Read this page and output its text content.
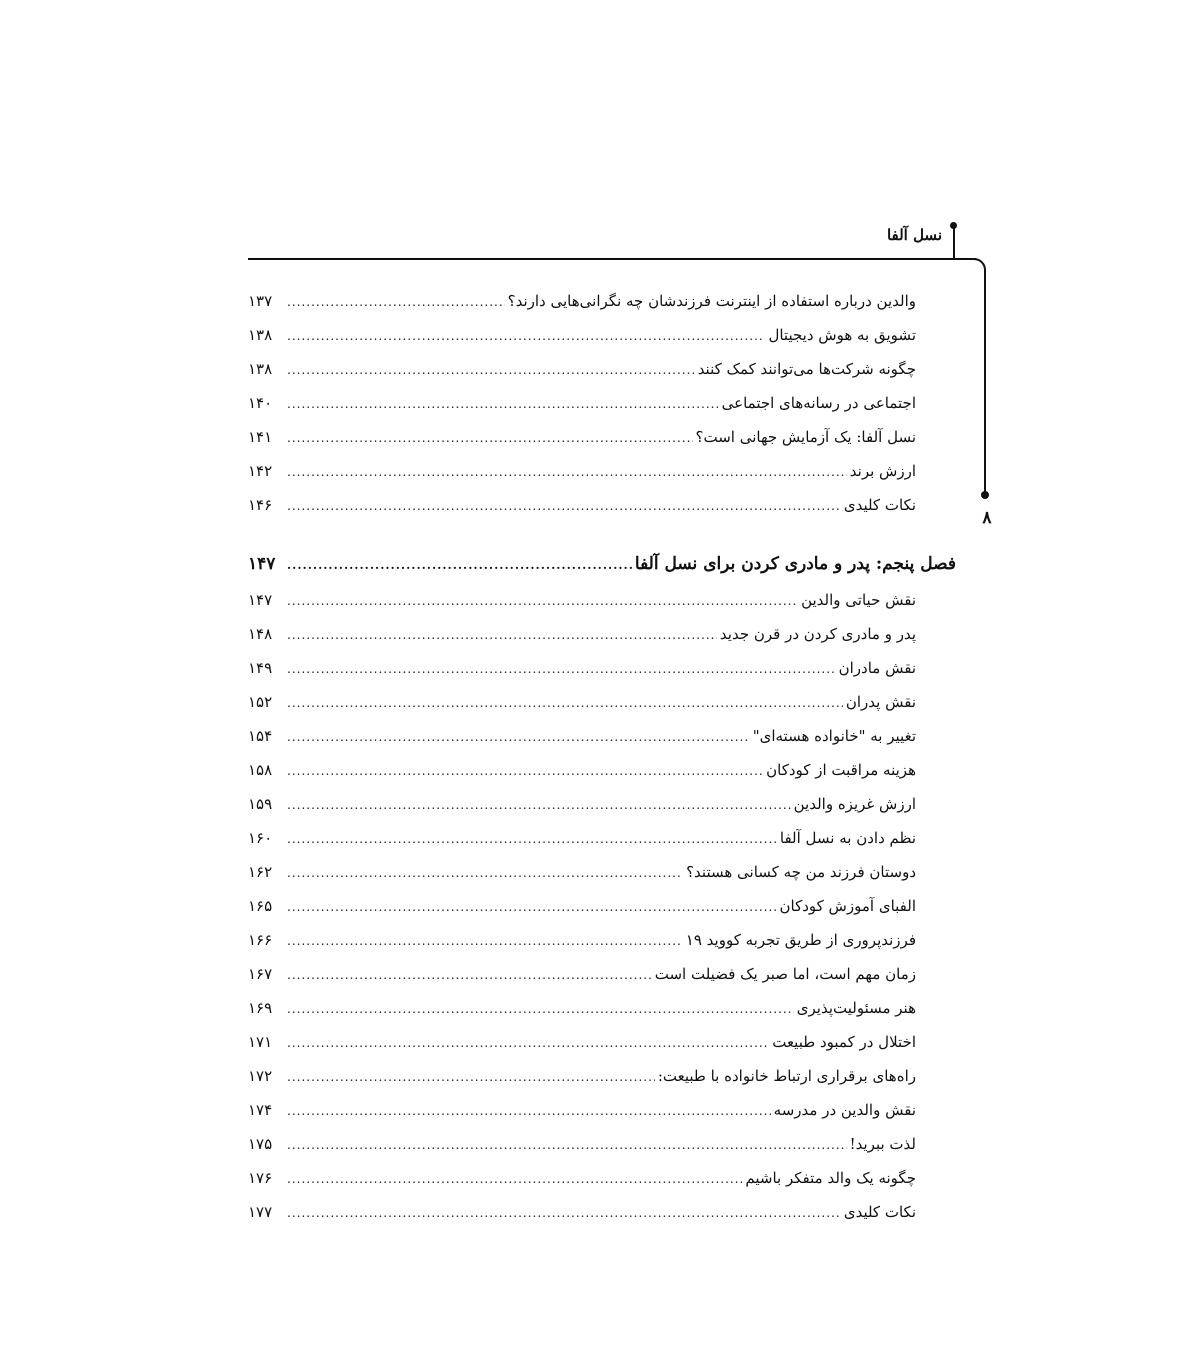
نسل آلفا
۸
والدین درباره استفاده از اینترنت فرزندشان چه نگرانی‌هایی دارند؟
.....
۱۳۷
تشویق به هوش دیجیتال
.....
۱۳۸
چگونه شرکت‌ها می‌توانند کمک کنند
.....
۱۳۸
اجتماعی در رسانه‌های اجتماعی
.....
۱۴۰
نسل آلفا: یک آزمایش جهانی است؟
.....
۱۴۱
ارزش برند
.....
۱۴۲
نکات کلیدی
.....
۱۴۶
فصل پنجم: پدر و مادری کردن برای نسل آلفا
.....
۱۴۷
نقش حیاتی والدین
.....
۱۴۷
پدر و مادری کردن در قرن جدید
.....
۱۴۸
نقش مادران
.....
۱۴۹
نقش پدران
.....
۱۵۲
تغییر به "خانواده هسته‌ای"
.....
۱۵۴
هزینه مراقبت از کودکان
.....
۱۵۸
ارزش غریزه والدین
.....
۱۵۹
نظم دادن به نسل آلفا
.....
۱۶۰
دوستان فرزند من چه کسانی هستند؟
.....
۱۶۲
الفبای آموزش کودکان
.....
۱۶۵
فرزندپروری از طریق تجربه کووید ۱۹
.....
۱۶۶
زمان مهم است، اما صبر یک فضیلت است
.....
۱۶۷
هنر مسئولیت‌پذیری
.....
۱۶۹
اختلال در کمبود طبیعت
.....
۱۷۱
راه‌های برقراری ارتباط خانواده با طبیعت:
.....
۱۷۲
نقش والدین در مدرسه
.....
۱۷۴
لذت ببرید!
.....
۱۷۵
چگونه یک والد متفکر باشیم
.....
۱۷۶
نکات کلیدی
.....
۱۷۷
